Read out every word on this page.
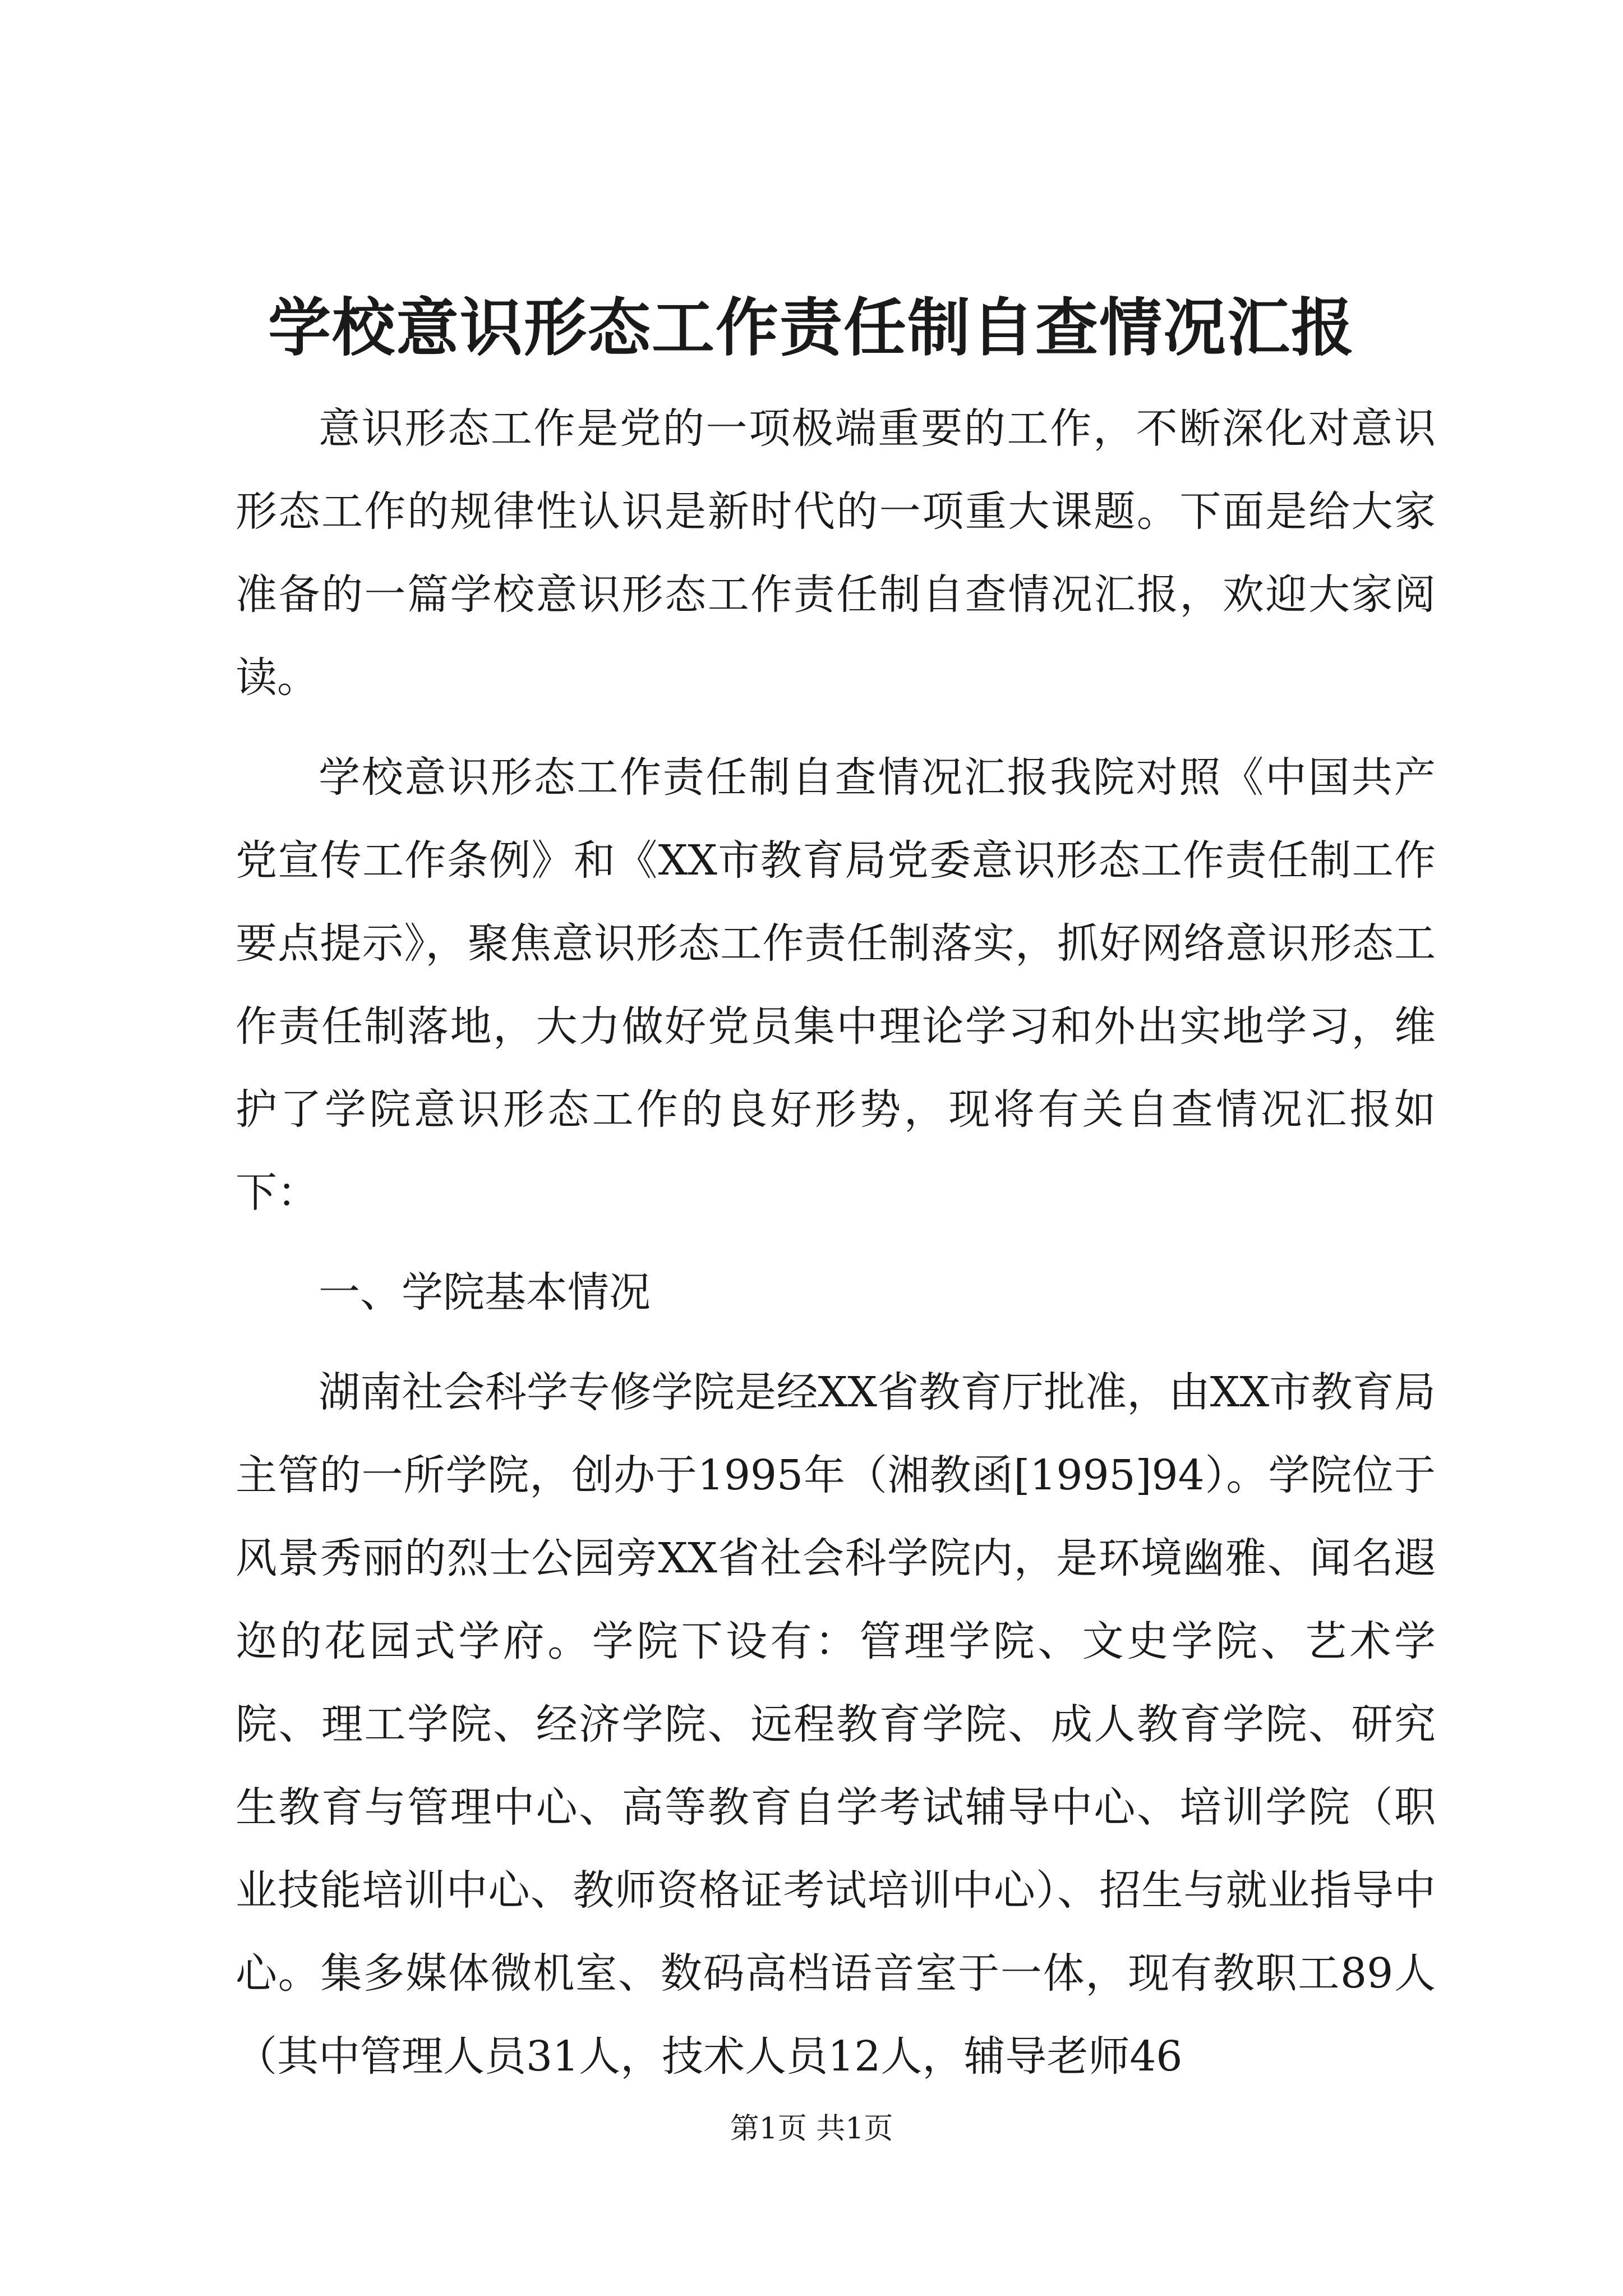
学校意识形态工作责任制自查情况汇报

意识形态工作是党的一项极端重要的工作，不断深化对意识形态工作的规律性认识是新时代的一项重大课题。下面是给大家准备的一篇学校意识形态工作责任制自查情况汇报，欢迎大家阅读。

学校意识形态工作责任制自查情况汇报我院对照《中国共产党宣传工作条例》和《XX市教育局党委意识形态工作责任制工作要点提示》，聚焦意识形态工作责任制落实，抓好网络意识形态工作责任制落地，大力做好党员集中理论学习和外出实地学习，维护了学院意识形态工作的良好形势，现将有关自查情况汇报如下：

一、学院基本情况

湖南社会科学专修学院是经XX省教育厅批准，由XX市教育局主管的一所学院，创办于1995年（湘教函[1995]94）。学院位于风景秀丽的烈士公园旁XX省社会科学院内，是环境幽雅、闻名遐迩的花园式学府。学院下设有：管理学院、文史学院、艺术学院、理工学院、经济学院、远程教育学院、成人教育学院、研究生教育与管理中心、高等教育自学考试辅导中心、培训学院（职业技能培训中心、教师资格证考试培训中心）、招生与就业指导中心。集多媒体微机室、数码高档语音室于一体，现有教职工89人（其中管理人员31人，技术人员12人，辅导老师46

第1页 共1页
